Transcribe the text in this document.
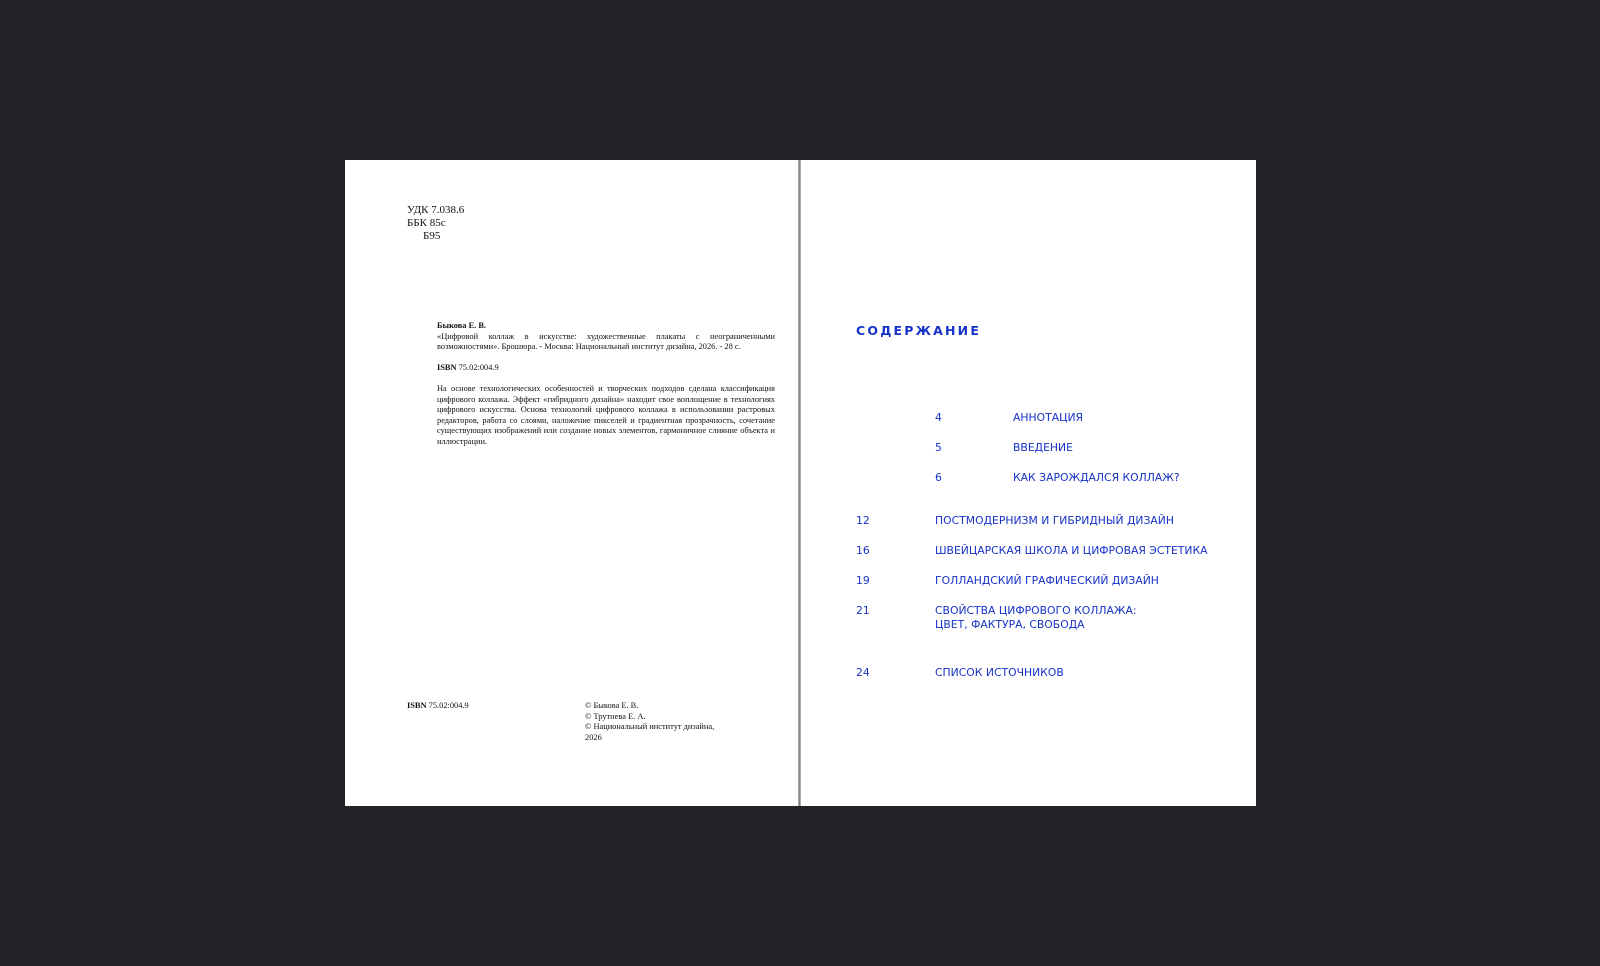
УДК 7.038.6
ББК 85с
Б95

Быкова Е. В.

«Цифровой коллаж в искусстве: художественные плакаты с неограниченными возможностями». Брошюра. - Москва: Национальный институт дизайна, 2026. - 28 с.

ISBN 75.02:004.9

На основе технологических особенностей и творческих подходов сделана классификация цифрового коллажа. Эффект «гибридного дизайна» находит свое воплощение в технологиях цифрового искусства. Основа технологий цифрового коллажа в использовании растровых редакторов, работа со слоями, наложение пикселей и градиентная прозрачность, сочетание существующих изображений или создание новых элементов, гармоничное слияние объекта и иллюстрации.

ISBN 75.02:004.9	© Быкова Е. В.
© Трутнева Е. А.
© Национальный институт дизайна,
2026
СОДЕРЖАНИЕ
4	АННОТАЦИЯ
5	ВВЕДЕНИЕ
6	КАК ЗАРОЖДАЛСЯ КОЛЛАЖ?
12	ПОСТМОДЕРНИЗМ И ГИБРИДНЫЙ ДИЗАЙН
16	ШВЕЙЦАРСКАЯ ШКОЛА И ЦИФРОВАЯ ЭСТЕТИКА
19	ГОЛЛАНДСКИЙ ГРАФИЧЕСКИЙ ДИЗАЙН
21	СВОЙСТВА ЦИФРОВОГО КОЛЛАЖА:
ЦВЕТ, ФАКТУРА, СВОБОДА
24	СПИСОК ИСТОЧНИКОВ
